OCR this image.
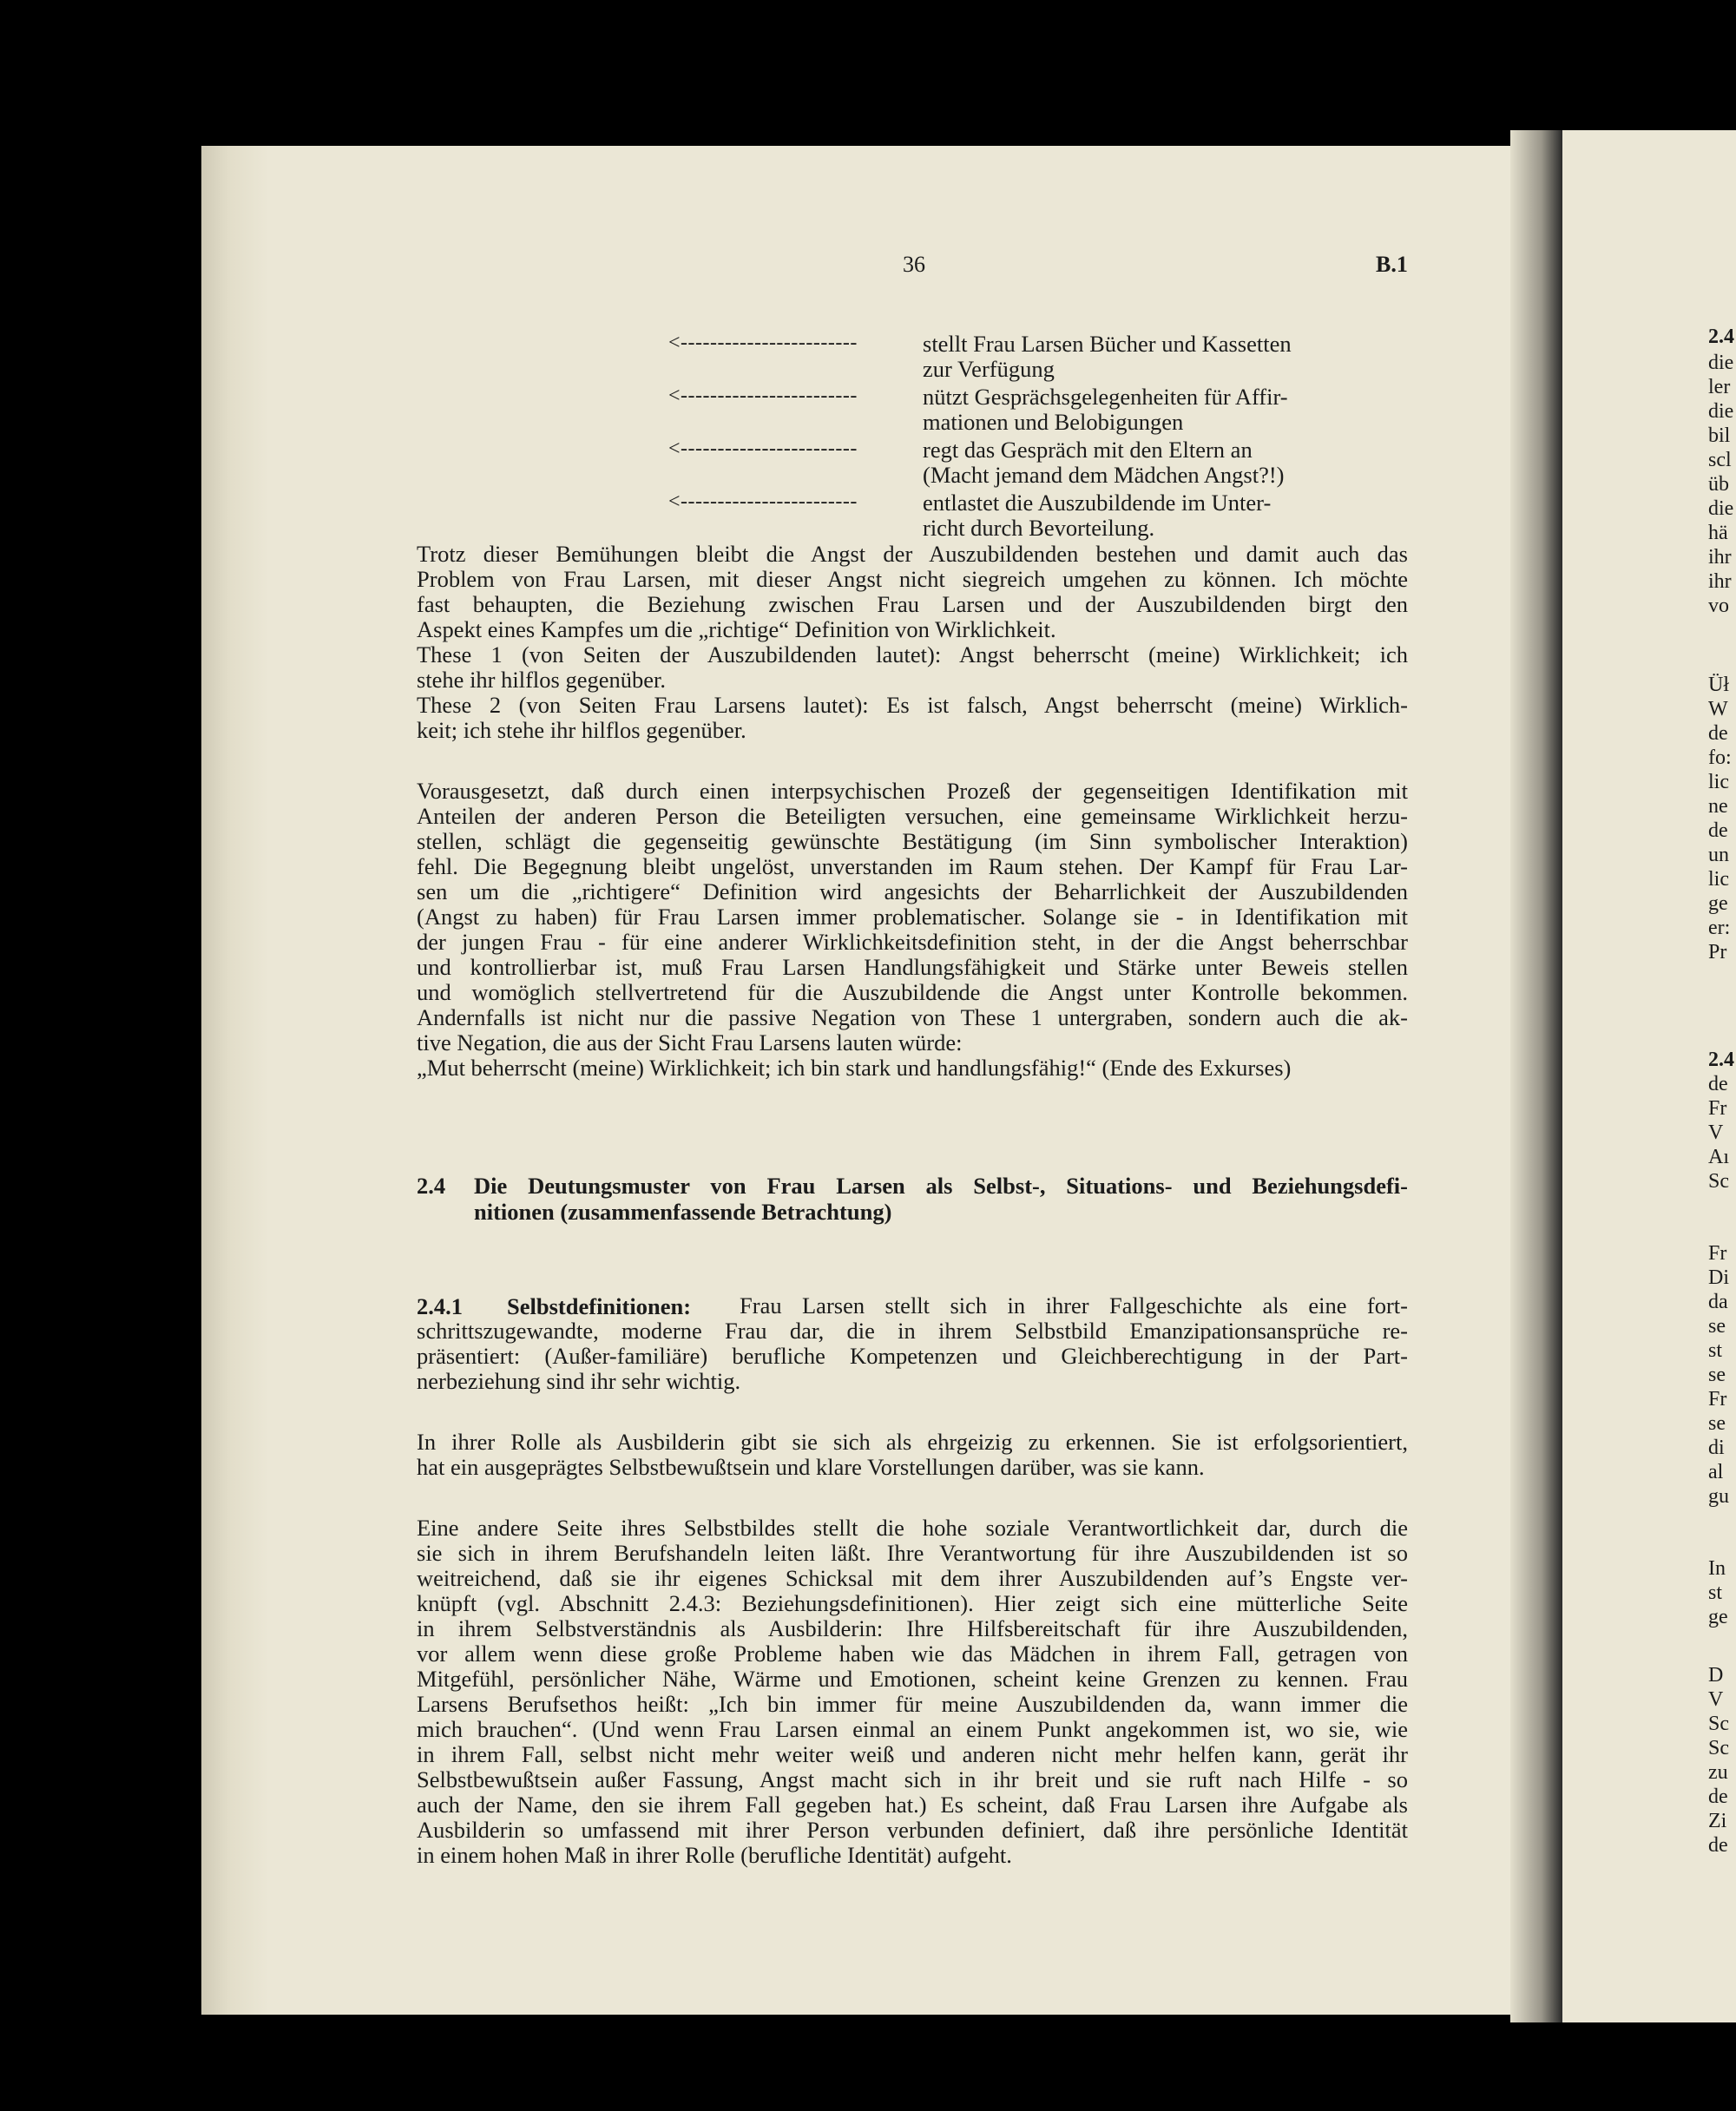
2.4
die
ler
die
bil
scl
üb
die
hä
ihr
ihr
vo
Üł
W
de
fo:
lic
ne
de
un
lic
ge
er:
Pr
2.4
de
Fr
V
Aı
Sc
Fr
Di
da
se
st
se
Fr
se
di
al
gu
In
st
ge
D
V
Sc
Sc
zu
de
Zi
de
36	B.1
<------------------------	stellt Frau Larsen Bücher und Kassetten
zur Verfügung
<------------------------	nützt Gesprächsgelegenheiten für Affir-
mationen und Belobigungen
<------------------------	regt das Gespräch mit den Eltern an
(Macht jemand dem Mädchen Angst?!)
<------------------------	entlastet die Auszubildende im Unter-
richt durch Bevorteilung.
Trotz dieser Bemühungen bleibt die Angst der Auszubildenden bestehen und damit auch das
Problem von Frau Larsen, mit dieser Angst nicht siegreich umgehen zu können. Ich möchte
fast behaupten, die Beziehung zwischen Frau Larsen und der Auszubildenden birgt den
Aspekt eines Kampfes um die „richtige“ Definition von Wirklichkeit.
These 1 (von Seiten der Auszubildenden lautet): Angst beherrscht (meine) Wirklichkeit; ich
stehe ihr hilflos gegenüber.
These 2 (von Seiten Frau Larsens lautet): Es ist falsch, Angst beherrscht (meine) Wirklich-
keit; ich stehe ihr hilflos gegenüber.
Vorausgesetzt, daß durch einen interpsychischen Prozeß der gegenseitigen Identifikation mit
Anteilen der anderen Person die Beteiligten versuchen, eine gemeinsame Wirklichkeit herzu-
stellen, schlägt die gegenseitig gewünschte Bestätigung (im Sinn symbolischer Interaktion)
fehl. Die Begegnung bleibt ungelöst, unverstanden im Raum stehen. Der Kampf für Frau Lar-
sen um die „richtigere“ Definition wird angesichts der Beharrlichkeit der Auszubildenden
(Angst zu haben) für Frau Larsen immer problematischer. Solange sie - in Identifikation mit
der jungen Frau - für eine anderer Wirklichkeitsdefinition steht, in der die Angst beherrschbar
und kontrollierbar ist, muß Frau Larsen Handlungsfähigkeit und Stärke unter Beweis stellen
und womöglich stellvertretend für die Auszubildende die Angst unter Kontrolle bekommen.
Andernfalls ist nicht nur die passive Negation von These 1 untergraben, sondern auch die ak-
tive Negation, die aus der Sicht Frau Larsens lauten würde:
„Mut beherrscht (meine) Wirklichkeit; ich bin stark und handlungsfähig!“ (Ende des Exkurses)
2.4 Die Deutungsmuster von Frau Larsen als Selbst-, Situations- und Beziehungsdefi-
nitionen (zusammenfassende Betrachtung)
2.4.1 Selbstdefinitionen: Frau Larsen stellt sich in ihrer Fallgeschichte als eine fort-
schrittszugewandte, moderne Frau dar, die in ihrem Selbstbild Emanzipationsansprüche re-
präsentiert: (Außer-familiäre) berufliche Kompetenzen und Gleichberechtigung in der Part-
nerbeziehung sind ihr sehr wichtig.
In ihrer Rolle als Ausbilderin gibt sie sich als ehrgeizig zu erkennen. Sie ist erfolgsorientiert,
hat ein ausgeprägtes Selbstbewußtsein und klare Vorstellungen darüber, was sie kann.
Eine andere Seite ihres Selbstbildes stellt die hohe soziale Verantwortlichkeit dar, durch die
sie sich in ihrem Berufshandeln leiten läßt. Ihre Verantwortung für ihre Auszubildenden ist so
weitreichend, daß sie ihr eigenes Schicksal mit dem ihrer Auszubildenden auf’s Engste ver-
knüpft (vgl. Abschnitt 2.4.3: Beziehungsdefinitionen). Hier zeigt sich eine mütterliche Seite
in ihrem Selbstverständnis als Ausbilderin: Ihre Hilfsbereitschaft für ihre Auszubildenden,
vor allem wenn diese große Probleme haben wie das Mädchen in ihrem Fall, getragen von
Mitgefühl, persönlicher Nähe, Wärme und Emotionen, scheint keine Grenzen zu kennen. Frau
Larsens Berufsethos heißt: „Ich bin immer für meine Auszubildenden da, wann immer die
mich brauchen“. (Und wenn Frau Larsen einmal an einem Punkt angekommen ist, wo sie, wie
in ihrem Fall, selbst nicht mehr weiter weiß und anderen nicht mehr helfen kann, gerät ihr
Selbstbewußtsein außer Fassung, Angst macht sich in ihr breit und sie ruft nach Hilfe - so
auch der Name, den sie ihrem Fall gegeben hat.) Es scheint, daß Frau Larsen ihre Aufgabe als
Ausbilderin so umfassend mit ihrer Person verbunden definiert, daß ihre persönliche Identität
in einem hohen Maß in ihrer Rolle (berufliche Identität) aufgeht.
